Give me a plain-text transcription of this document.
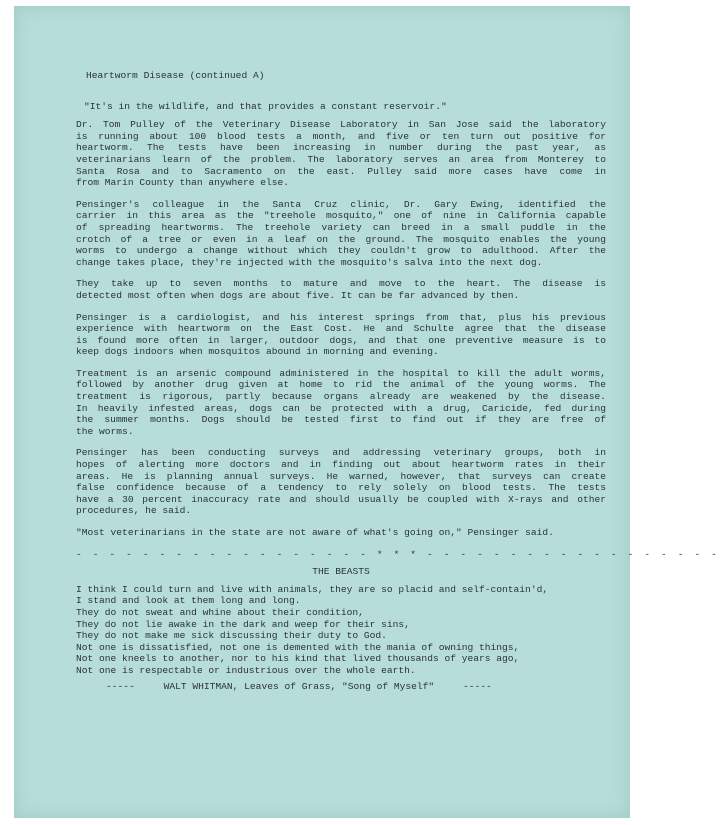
Heartworm Disease (continued A)
"It's in the wildlife, and that provides a constant reservoir."
Dr. Tom Pulley of the Veterinary Disease Laboratory in San Jose said the laboratory
is running about 100 blood tests a month, and five or ten turn out positive for
heartworm. The tests have been increasing in number during the past year, as
veterinarians learn of the problem. The laboratory serves an area from Monterey to
Santa Rosa and to Sacramento on the east. Pulley said more cases have come in
from Marin County than anywhere else.
Pensinger's colleague in the Santa Cruz clinic, Dr. Gary Ewing, identified the
carrier in this area as the "treehole mosquito," one of nine in California capable
of spreading heartworms. The treehole variety can breed in a small puddle in the
crotch of a tree or even in a leaf on the ground. The mosquito enables the young
worms to undergo a change without which they couldn't grow to adulthood. After the
change takes place, they're injected with the mosquito's salva into the next dog.
They take up to seven months to mature and move to the heart. The disease is
detected most often when dogs are about five. It can be far advanced by then.
Pensinger is a cardiologist, and his interest springs from that, plus his previous
experience with heartworm on the East Cost. He and Schulte agree that the disease
is found more often in larger, outdoor dogs, and that one preventive measure is to
keep dogs indoors when mosquitos abound in morning and evening.
Treatment is an arsenic compound administered in the hospital to kill the adult worms,
followed by another drug given at home to rid the animal of the young worms. The
treatment is rigorous, partly because organs already are weakened by the disease.
In heavily infested areas, dogs can be protected with a drug, Caricide, fed during
the summer months. Dogs should be tested first to find out if they are free of
the worms.
Pensinger has been conducting surveys and addressing veterinary groups, both in
hopes of alerting more doctors and in finding out about heartworm rates in their
areas. He is planning annual surveys. He warned, however, that surveys can create
false confidence because of a tendency to rely solely on blood tests. The tests
have a 30 percent inaccuracy rate and should usually be coupled with X-rays and other
procedures, he said.
"Most veterinarians in the state are not aware of what's going on," Pensinger said.
- - - - - - - - - - - - - - - - - - * * * - - - - - - - - - - - - - - - - - -
THE BEASTS
I think I could turn and live with animals, they are so placid and self-contain'd,
I stand and look at them long and long.
They do not sweat and whine about their condition,
They do not lie awake in the dark and weep for their sins,
They do not make me sick discussing their duty to God.
Not one is dissatisfied, not one is demented with the mania of owning things,
Not one kneels to another, nor to his kind that lived thousands of years ago,
Not one is respectable or industrious over the whole earth.
-----     WALT WHITMAN, Leaves of Grass, "Song of Myself"     -----
